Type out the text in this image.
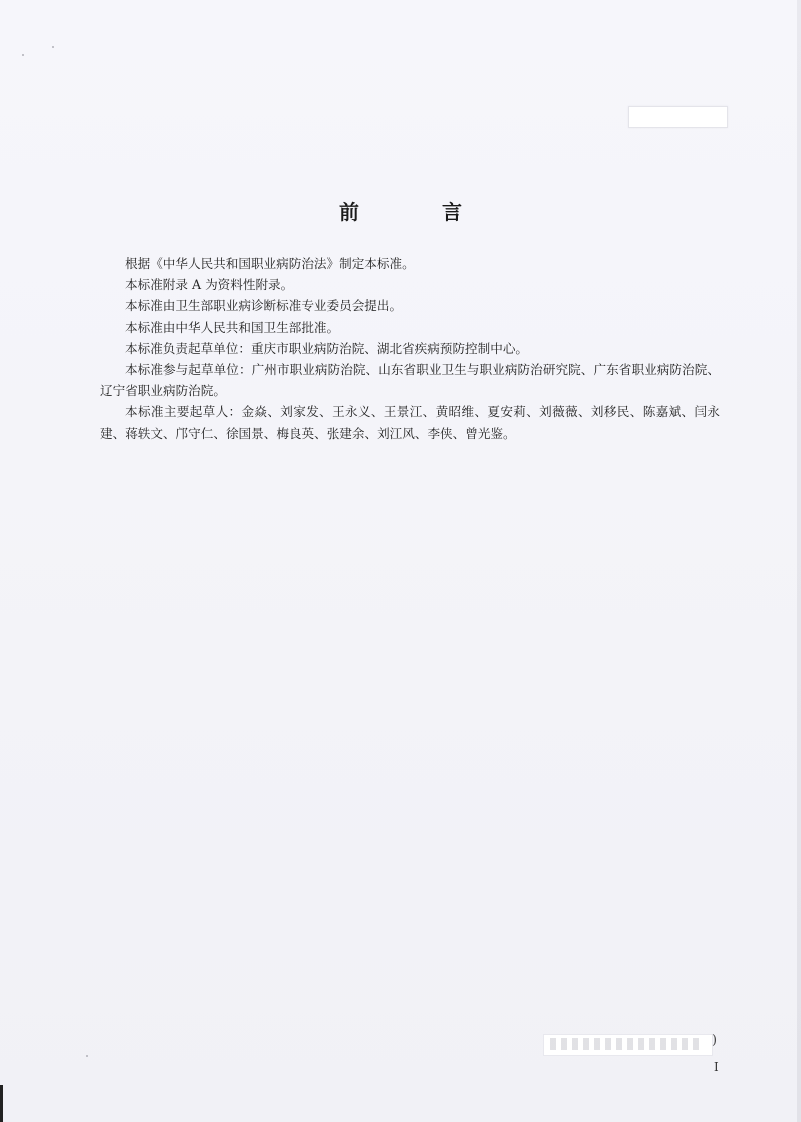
前 言

根据《中华人民共和国职业病防治法》制定本标准。

本标准附录 A 为资料性附录。

本标准由卫生部职业病诊断标准专业委员会提出。

本标准由中华人民共和国卫生部批准。

本标准负责起草单位：重庆市职业病防治院、湖北省疾病预防控制中心。

本标准参与起草单位：广州市职业病防治院、山东省职业卫生与职业病防治研究院、广东省职业病防治院、辽宁省职业病防治院。

本标准主要起草人：金焱、刘家发、王永义、王景江、黄昭维、夏安莉、刘薇薇、刘移民、陈嘉斌、闫永建、蒋轶文、邝守仁、徐国景、梅良英、张建余、刘江风、李侠、曾光鉴。

)
I
